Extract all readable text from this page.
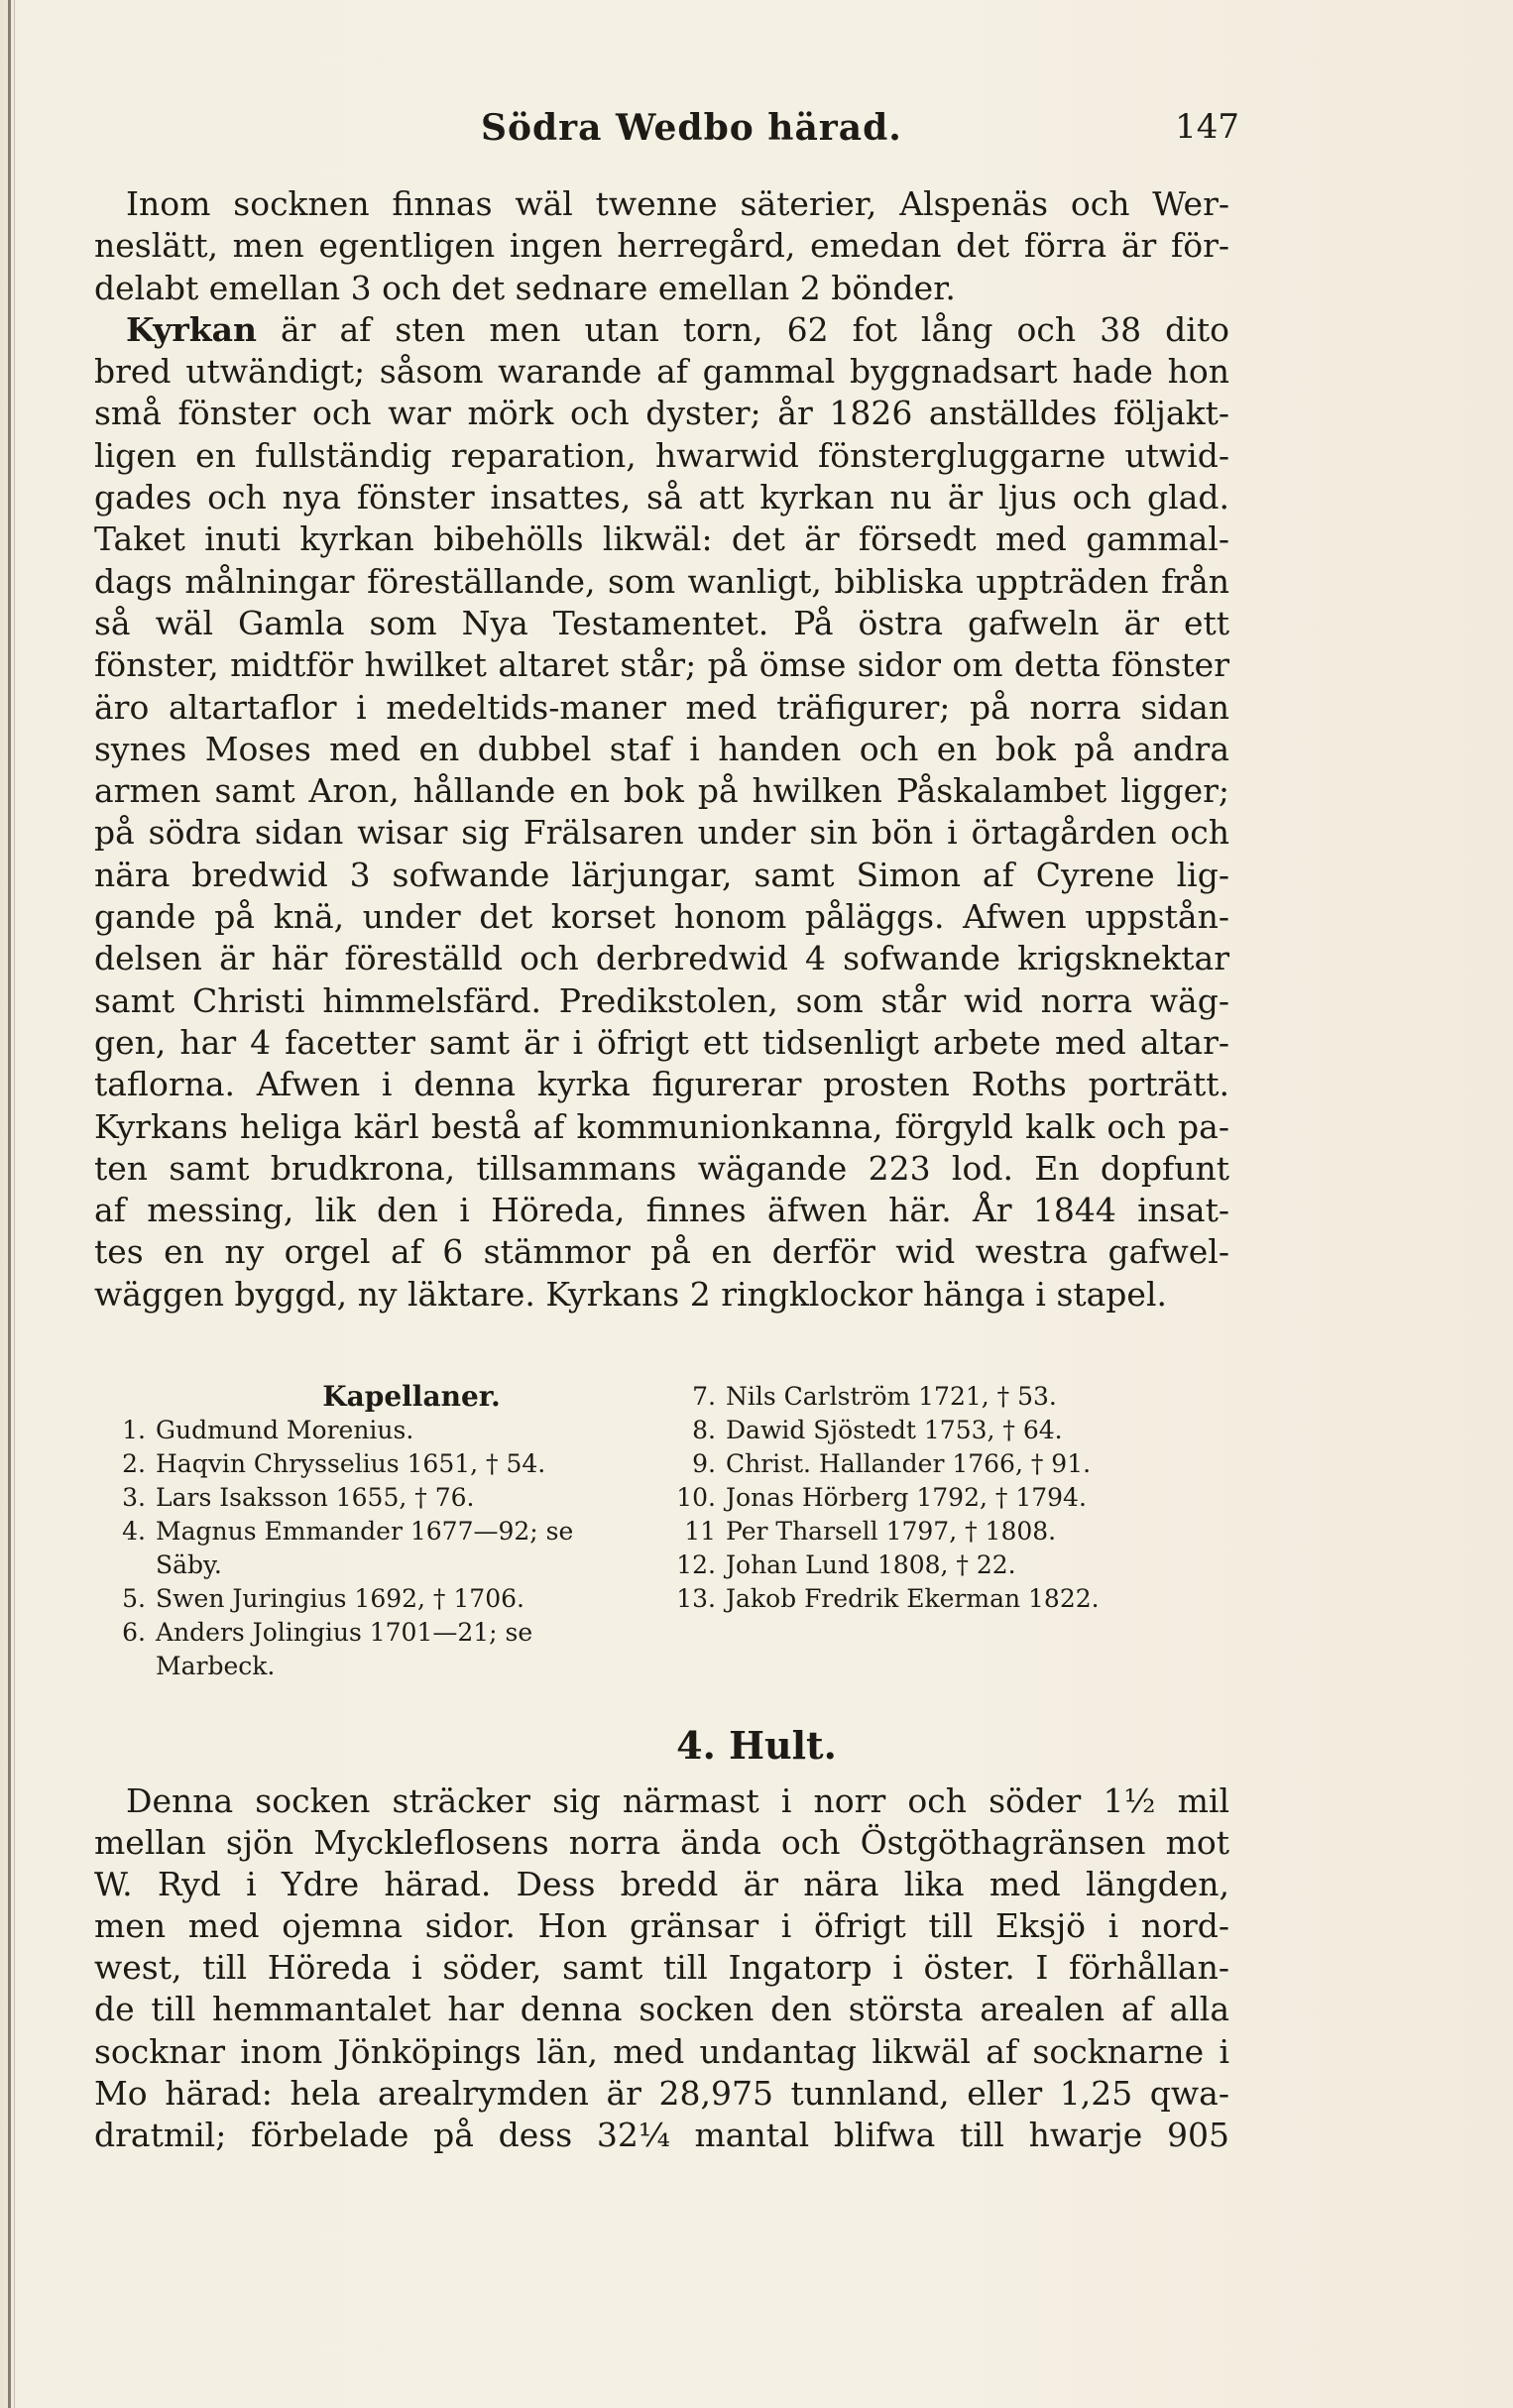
Södra Wedbo härad.	147
Inom socknen finnas wäl twenne säterier, Alspenäs och Wer-
neslätt, men egentligen ingen herregård, emedan det förra är för-
delabt emellan 3 och det sednare emellan 2 bönder.
Kyrkan är af sten men utan torn, 62 fot lång och 38 dito
bred utwändigt; såsom warande af gammal byggnadsart hade hon
små fönster och war mörk och dyster; år 1826 anställdes följakt-
ligen en fullständig reparation, hwarwid fönstergluggarne utwid-
gades och nya fönster insattes, så att kyrkan nu är ljus och glad.
Taket inuti kyrkan bibehölls likwäl: det är försedt med gammal-
dags målningar föreställande, som wanligt, bibliska uppträden från
så wäl Gamla som Nya Testamentet. På östra gafweln är ett
fönster, midtför hwilket altaret står; på ömse sidor om detta fönster
äro altartaflor i medeltids-maner med träfigurer; på norra sidan
synes Moses med en dubbel staf i handen och en bok på andra
armen samt Aron, hållande en bok på hwilken Påskalambet ligger;
på södra sidan wisar sig Frälsaren under sin bön i örtagården och
nära bredwid 3 sofwande lärjungar, samt Simon af Cyrene lig-
gande på knä, under det korset honom påläggs. Afwen uppstån-
delsen är här föreställd och derbredwid 4 sofwande krigsknektar
samt Christi himmelsfärd. Predikstolen, som står wid norra wäg-
gen, har 4 facetter samt är i öfrigt ett tidsenligt arbete med altar-
taflorna. Afwen i denna kyrka figurerar prosten Roths porträtt.
Kyrkans heliga kärl bestå af kommunionkanna, förgyld kalk och pa-
ten samt brudkrona, tillsammans wägande 223 lod. En dopfunt
af messing, lik den i Höreda, finnes äfwen här. År 1844 insat-
tes en ny orgel af 6 stämmor på en derför wid westra gafwel-
wäggen byggd, ny läktare. Kyrkans 2 ringklockor hänga i stapel.
Kapellaner.
1. Gudmund Morenius.
2. Haqvin Chrysselius 1651, † 54.
3. Lars Isaksson 1655, † 76.
4. Magnus Emmander 1677—92; se
Säby.
5. Swen Juringius 1692, † 1706.
6. Anders Jolingius 1701—21; se
Marbeck.
7. Nils Carlström 1721, † 53.
8. Dawid Sjöstedt 1753, † 64.
9. Christ. Hallander 1766, † 91.
10. Jonas Hörberg 1792, † 1794.
11 Per Tharsell 1797, † 1808.
12. Johan Lund 1808, † 22.
13. Jakob Fredrik Ekerman 1822.
4. Hult.
Denna socken sträcker sig närmast i norr och söder 1½ mil
mellan sjön Myckleflosens norra ända och Östgöthagränsen mot
W. Ryd i Ydre härad. Dess bredd är nära lika med längden,
men med ojemna sidor. Hon gränsar i öfrigt till Eksjö i nord-
west, till Höreda i söder, samt till Ingatorp i öster. I förhållan-
de till hemmantalet har denna socken den största arealen af alla
socknar inom Jönköpings län, med undantag likwäl af socknarne i
Mo härad: hela arealrymden är 28,975 tunnland, eller 1,25 qwa-
dratmil; förbelade på dess 32¼ mantal blifwa till hwarje 905
